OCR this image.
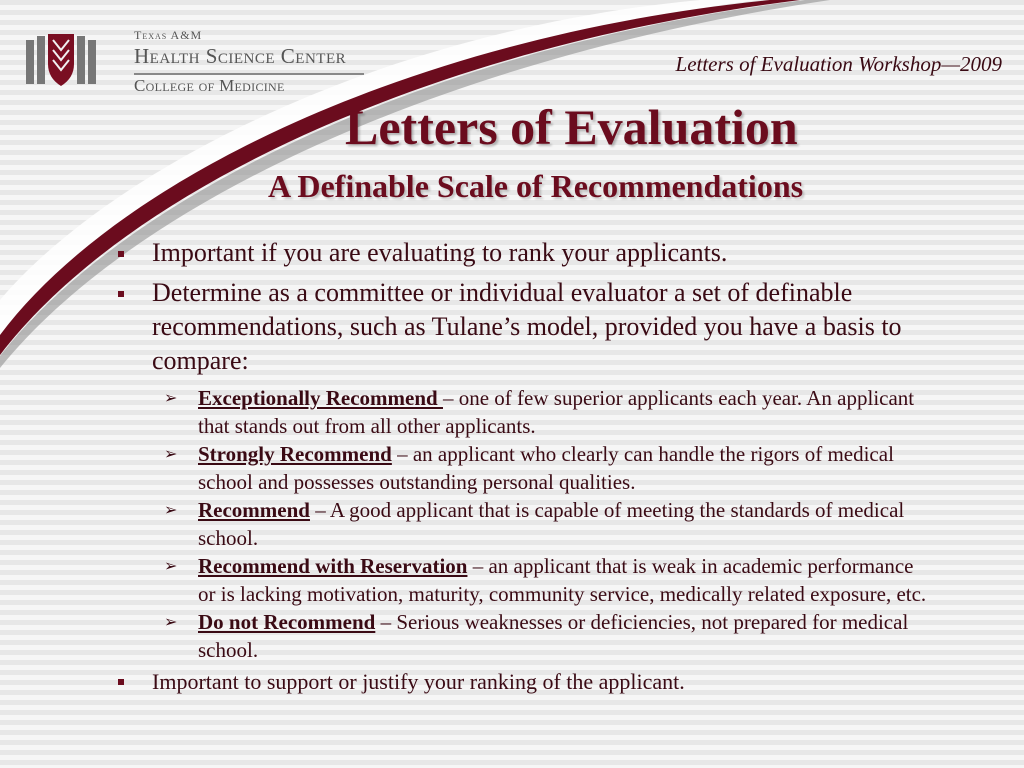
Texas A&M
Health Science Center
College of Medicine
Letters of Evaluation Workshop—2009
Letters of Evaluation
A Definable Scale of Recommendations
Important if you are evaluating to rank your applicants.
Determine as a committee or individual evaluator a set of definable recommendations, such as Tulane’s model, provided you have a basis to compare:
➢ Exceptionally Recommend – one of few superior applicants each year. An applicant that stands out from all other applicants.
➢ Strongly Recommend – an applicant who clearly can handle the rigors of medical school and possesses outstanding personal qualities.
➢ Recommend – A good applicant that is capable of meeting the standards of medical school.
➢ Recommend with Reservation – an applicant that is weak in academic performance or is lacking motivation, maturity, community service, medically related exposure, etc.
➢ Do not Recommend – Serious weaknesses or deficiencies, not prepared for medical school.
Important to support or justify your ranking of the applicant.
